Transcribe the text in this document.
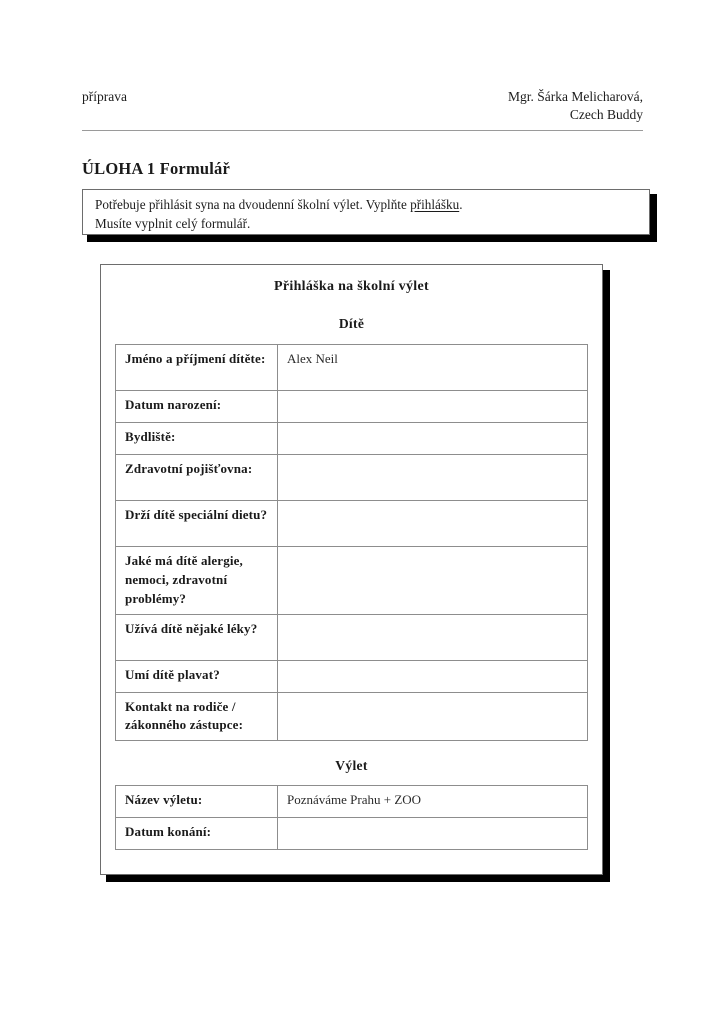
příprava	Mgr. Šárka Melicharová,
Czech Buddy
ÚLOHA 1 Formulář
Potřebuje přihlásit syna na dvoudenní školní výlet. Vyplňte přihlášku.
Musíte vyplnit celý formulář.
Přihláška na školní výlet
Dítě
Jméno a příjmení dítěte:	Alex Neil
Datum narození:	
Bydliště:	
Zdravotní pojišťovna:	
Drží dítě speciální dietu?	
Jaké má dítě alergie, nemoci, zdravotní problémy?	
Užívá dítě nějaké léky?	
Umí dítě plavat?	
Kontakt na rodiče / zákonného zástupce:	
Výlet
Název výletu:	Poznáváme Prahu + ZOO
Datum konání:	
